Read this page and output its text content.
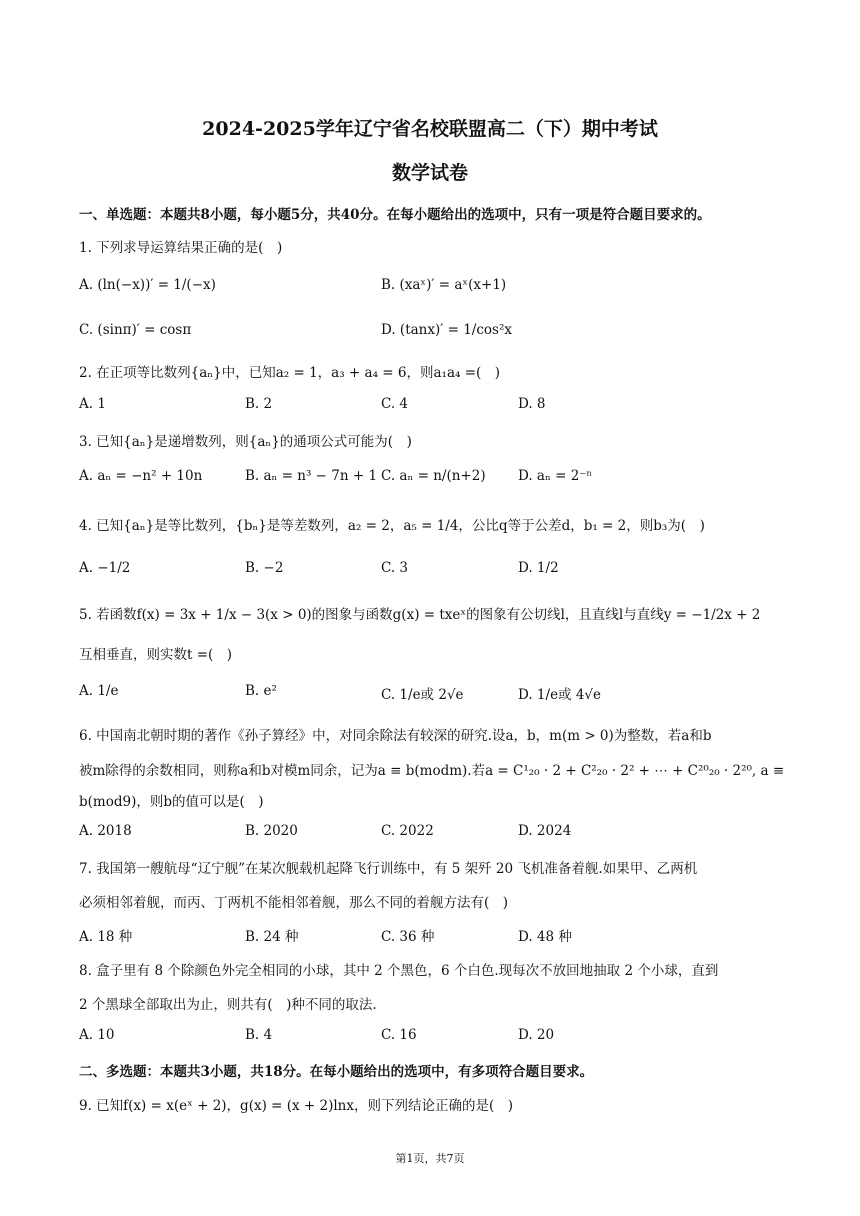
2024-2025学年辽宁省名校联盟高二（下）期中考试
数学试卷
一、单选题：本题共8小题，每小题5分，共40分。在每小题给出的选项中，只有一项是符合题目要求的。
1. 下列求导运算结果正确的是(　)
A. (ln(−x))′ = 1/(−x)	B. (xaˣ)′ = aˣ(x+1)
C. (sinπ)′ = cosπ	D. (tanx)′ = 1/cos²x
2. 在正项等比数列{aₙ}中，已知a₂ = 1，a₃ + a₄ = 6，则a₁a₄ =(　)
A. 1	B. 2	C. 4	D. 8
3. 已知{aₙ}是递增数列，则{aₙ}的通项公式可能为(　)
A. aₙ = −n² + 10n	B. aₙ = n³ − 7n + 1 C. aₙ = n/(n+2) D. aₙ = 2⁻ⁿ
4. 已知{aₙ}是等比数列，{bₙ}是等差数列，a₂ = 2，a₅ = 1/4，公比q等于公差d，b₁ = 2，则b₃为(　)
A. −1/2	B. −2	C. 3	D. 1/2
5. 若函数f(x) = 3x + 1/x − 3(x > 0)的图象与函数g(x) = txeˣ的图象有公切线l，且直线l与直线y = −1/2x + 2
互相垂直，则实数t =(　)
A. 1/e	B. e²	C. 1/e或 2√e	D. 1/e或 4√e
6. 中国南北朝时期的著作《孙子算经》中，对同余除法有较深的研究.设a，b，m(m > 0)为整数，若a和b
被m除得的余数相同，则称a和b对模m同余，记为a ≡ b(modm).若a = C¹₂₀ · 2 + C²₂₀ · 2² + ⋯ + C²⁰₂₀ · 2²⁰, a ≡
b(mod9)，则b的值可以是(　)
A. 2018	B. 2020	C. 2022	D. 2024
7. 我国第一艘航母“辽宁舰”在某次舰载机起降飞行训练中，有 5 架歼 20 飞机准备着舰.如果甲、乙两机
必须相邻着舰，而丙、丁两机不能相邻着舰，那么不同的着舰方法有(　)
A. 18 种	B. 24 种	C. 36 种	D. 48 种
8. 盒子里有 8 个除颜色外完全相同的小球，其中 2 个黑色，6 个白色.现每次不放回地抽取 2 个小球，直到
2 个黑球全部取出为止，则共有(　)种不同的取法.
A. 10	B. 4	C. 16	D. 20
二、多选题：本题共3小题，共18分。在每小题给出的选项中，有多项符合题目要求。
9. 已知f(x) = x(eˣ + 2)，g(x) = (x + 2)lnx，则下列结论正确的是(　)
第1页，共7页
